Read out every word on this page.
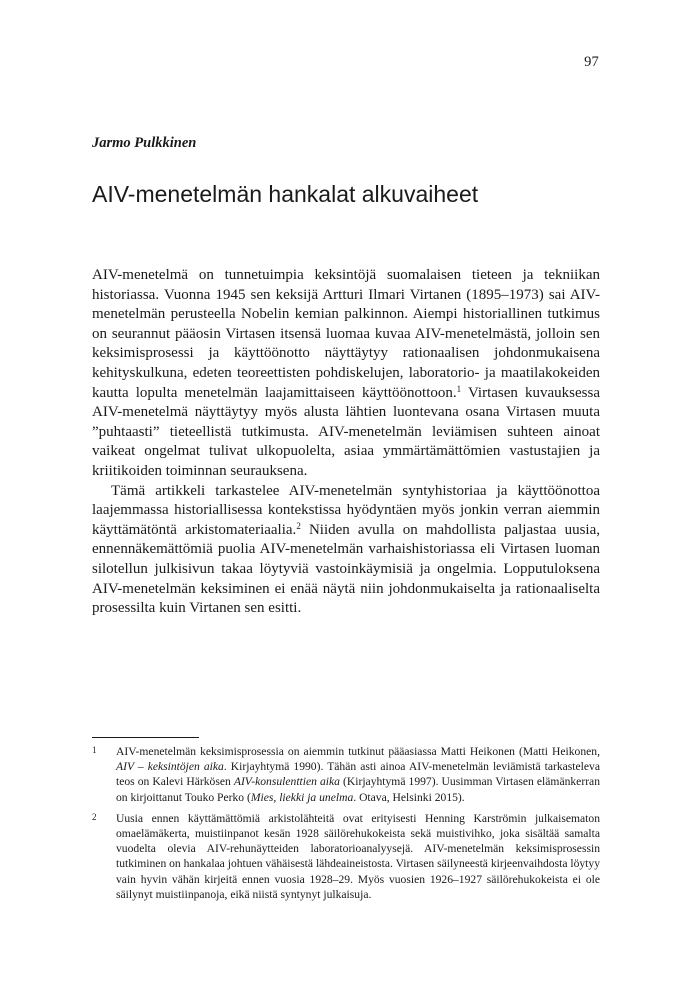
97
Jarmo Pulkkinen
AIV-menetelmän hankalat alkuvaiheet

AIV-menetelmä on tunnetuimpia keksintöjä suomalaisen tieteen ja tekniikan historiassa. Vuonna 1945 sen keksijä Artturi Ilmari Virtanen (1895–1973) sai AIV-menetelmän perusteella Nobelin kemian palkinnon. Aiempi historiallinen tutkimus on seurannut pääosin Virtasen itsensä luomaa kuvaa AIV-menetelmästä, jolloin sen keksimisprosessi ja käyttöönotto näyttäytyy rationaalisen johdonmukaisena kehityskulkuna, edeten teoreettisten pohdiskelujen, laboratorio- ja maatilakokeiden kautta lopulta menetelmän laajamittaiseen käyttöönottoon.$^1$ Virtasen kuvauksessa AIV-menetelmä näyttäytyy myös alusta lähtien luontevana osana Virtasen muuta ”puhtaasti” tieteellistä tutkimusta. AIV-menetelmän leviämisen suhteen ainoat vaikeat ongelmat tulivat ulkopuolelta, asiaa ymmärtämättömien vastustajien ja kriitikoiden toiminnan seurauksena.

Tämä artikkeli tarkastelee AIV-menetelmän syntyhistoriaa ja käyttöönottoa laajemmassa historiallisessa kontekstissa hyödyntäen myös jonkin verran aiemmin käyttämätöntä arkistomateriaalia.$^2$ Niiden avulla on mahdollista paljastaa uusia, ennennäkemättömiä puolia AIV-menetelmän varhaishistoriassa eli Virtasen luoman silotellun julkisivun takaa löytyviä vastoinkäymisiä ja ongelmia. Lopputuloksena AIV-menetelmän keksiminen ei enää näytä niin johdonmukaiselta ja rationaaliselta prosessilta kuin Virtanen sen esitti.

1	AIV-menetelmän keksimisprosessia on aiemmin tutkinut pääasiassa Matti Heikonen (Matti Heikonen, AIV – keksintöjen aika. Kirjayhtymä 1990). Tähän asti ainoa AIV-menetelmän leviämistä tarkasteleva teos on Kalevi Härkösen AIV-konsulenttien aika (Kirjayhtymä 1997). Uusimman Virtasen elämänkerran on kirjoittanut Touko Perko (Mies, liekki ja unelma. Otava, Helsinki 2015).
2	Uusia ennen käyttämättömiä arkistolähteitä ovat erityisesti Henning Karströmin julkaisematon omaelämäkerta, muistiinpanot kesän 1928 säilörehukokeista sekä muistivihko, joka sisältää samalta vuodelta olevia AIV-rehunäytteiden laboratorioanalyysejä. AIV-menetelmän keksimisprosessin tutkiminen on hankalaa johtuen vähäisestä lähdeaineistosta. Virtasen säilyneestä kirjeenvaihdosta löytyy vain hyvin vähän kirjeitä ennen vuosia 1928–29. Myös vuosien 1926–1927 säilörehukokeista ei ole säilynyt muistiinpanoja, eikä niistä syntynyt julkaisuja.
